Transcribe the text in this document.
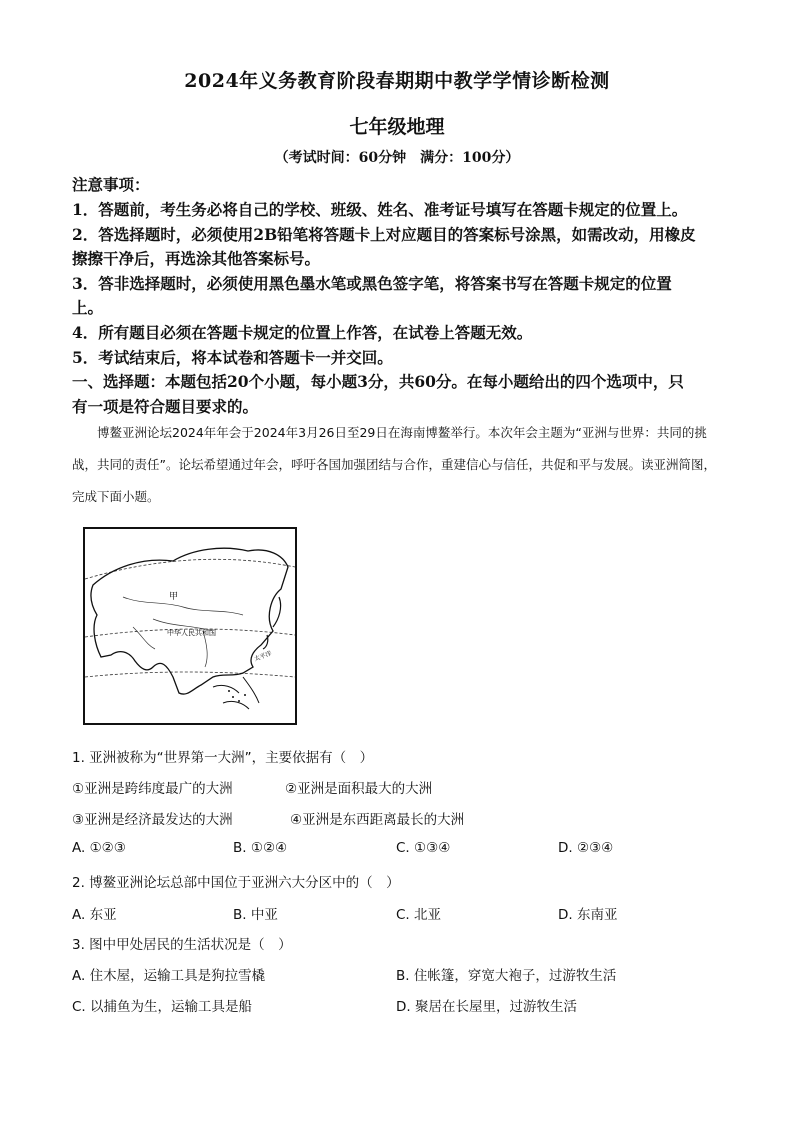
2024年义务教育阶段春期期中教学学情诊断检测
七年级地理
（考试时间：60分钟　满分：100分）
注意事项：
1．答题前，考生务必将自己的学校、班级、姓名、准考证号填写在答题卡规定的位置上。
2．答选择题时，必须使用2B铅笔将答题卡上对应题目的答案标号涂黑，如需改动，用橡皮
擦擦干净后，再选涂其他答案标号。
3．答非选择题时，必须使用黑色墨水笔或黑色签字笔，将答案书写在答题卡规定的位置
上。
4．所有题目必须在答题卡规定的位置上作答，在试卷上答题无效。
5．考试结束后，将本试卷和答题卡一并交回。
一、选择题：本题包括20个小题，每小题3分，共60分。在每小题给出的四个选项中，只
有一项是符合题目要求的。
博鳌亚洲论坛2024年年会于2024年3月26日至29日在海南博鳌举行。本次年会主题为“亚洲与世界：共同的挑战，共同的责任”。论坛希望通过年会，呼吁各国加强团结与合作，重建信心与信任，共促和平与发展。读亚洲简图，完成下面小题。
甲
中华人民共和国
太平洋
1. 亚洲被称为“世界第一大洲”，主要依据有（　）
①亚洲是跨纬度最广的大洲	②亚洲是面积最大的大洲
③亚洲是经济最发达的大洲	④亚洲是东西距离最长的大洲
A. ①②③	B. ①②④	C. ①③④	D. ②③④
2. 博鳌亚洲论坛总部中国位于亚洲六大分区中的（　）
A. 东亚	B. 中亚	C. 北亚	D. 东南亚
3. 图中甲处居民的生活状况是（　）
A. 住木屋，运输工具是狗拉雪橇	B. 住帐篷，穿宽大袍子，过游牧生活
C. 以捕鱼为生，运输工具是船	D. 聚居在长屋里，过游牧生活
